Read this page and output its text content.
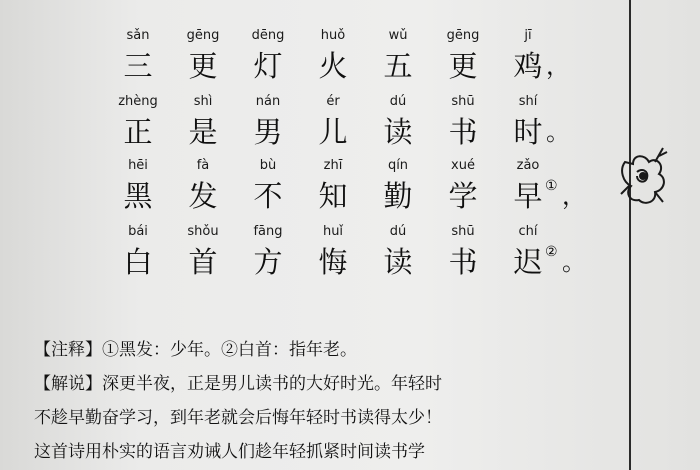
sǎn
三
gēng
更
dēng
灯
huǒ
火
wǔ
五
gēng
更
jī
鸡 ，
zhèng
正
shì
是
nán
男
ér
儿
dú
读
shū
书
shí
时 。
hēi
黑
fà
发
bù
不
zhī
知
qín
勤
xué
学
zǎo
早 ① ，
bái
白
shǒu
首
fāng
方
huǐ
悔
dú
读
shū
书
chí
迟 ② 。
【注释】①黑发：少年。②白首：指年老。
【解说】深更半夜，正是男儿读书的大好时光。年轻时
不趁早勤奋学习，到年老就会后悔年轻时书读得太少！
这首诗用朴实的语言劝诫人们趁年轻抓紧时间读书学
